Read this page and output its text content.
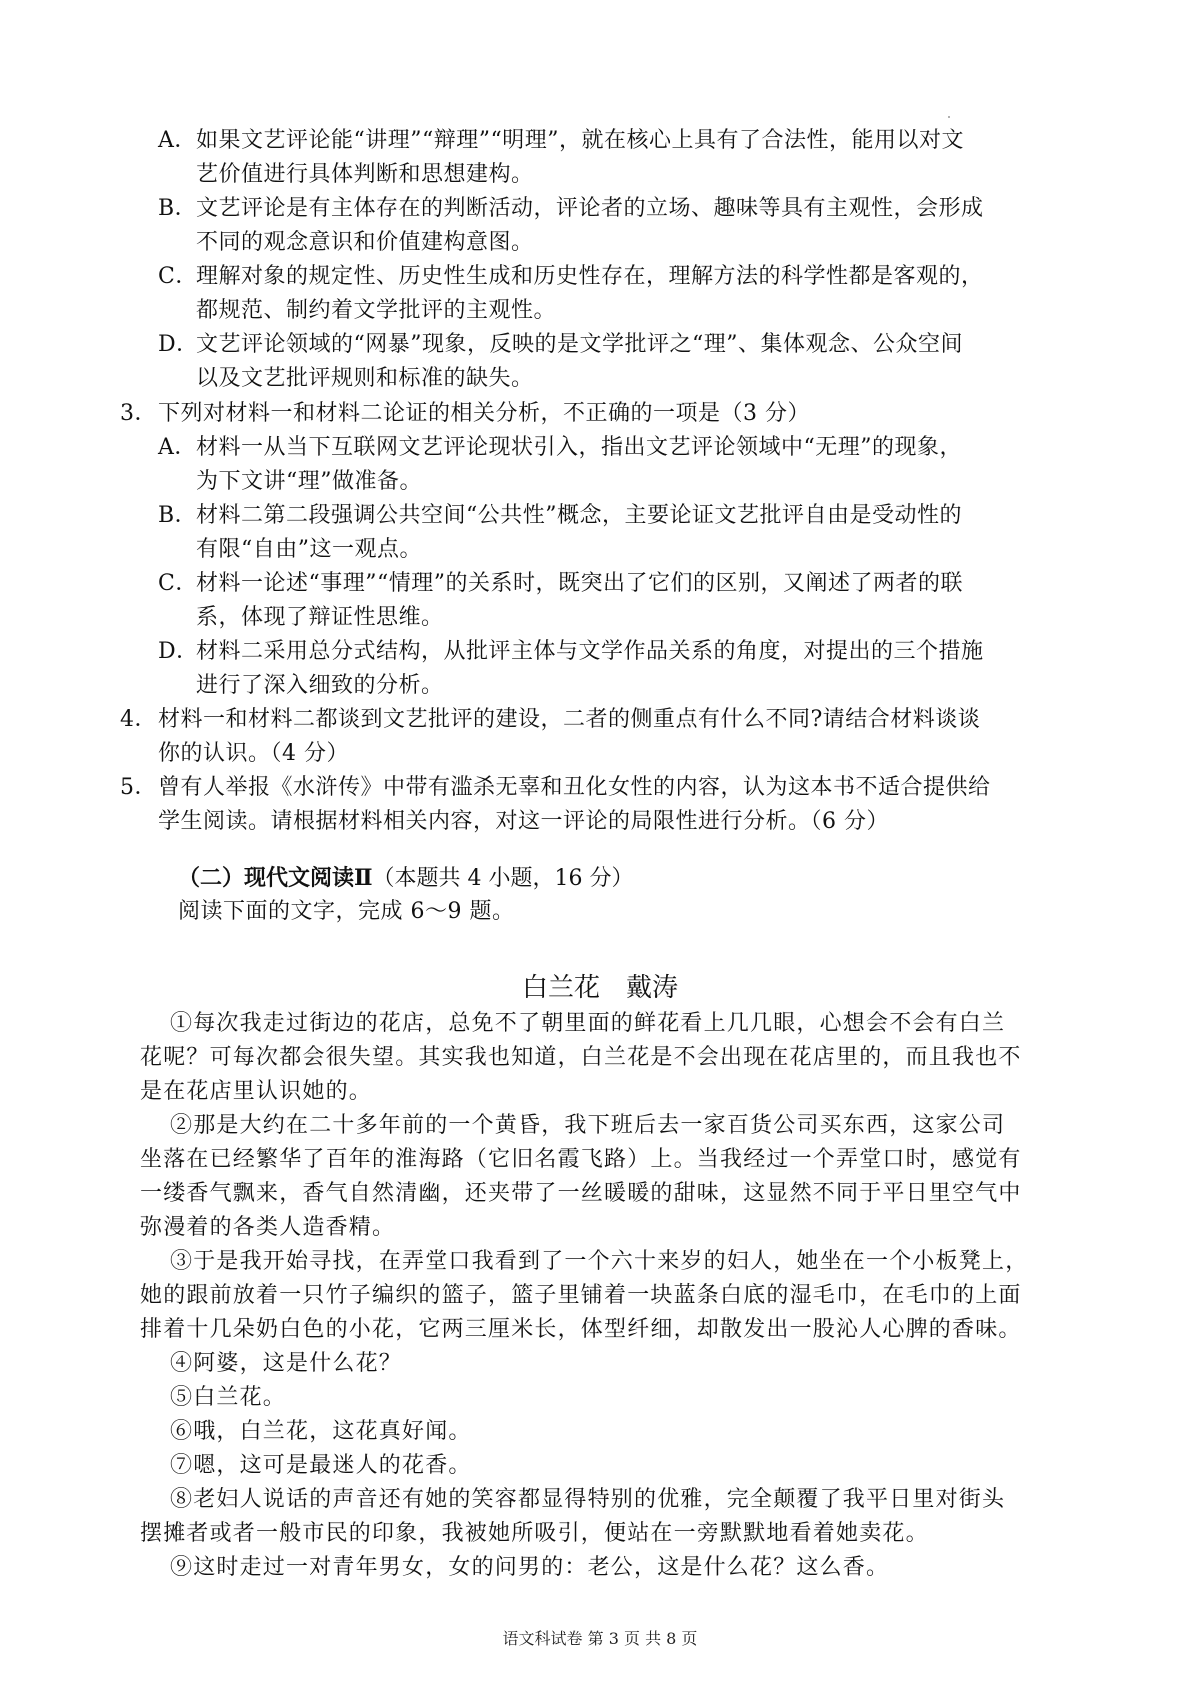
A．如果文艺评论能“讲理”“辩理”“明理”，就在核心上具有了合法性，能用以对文
艺价值进行具体判断和思想建构。
B．文艺评论是有主体存在的判断活动，评论者的立场、趣味等具有主观性，会形成
不同的观念意识和价值建构意图。
C．理解对象的规定性、历史性生成和历史性存在，理解方法的科学性都是客观的，
都规范、制约着文学批评的主观性。
D．文艺评论领域的“网暴”现象，反映的是文学批评之“理”、集体观念、公众空间
以及文艺批评规则和标准的缺失。
3．下列对材料一和材料二论证的相关分析，不正确的一项是（3 分）
A．材料一从当下互联网文艺评论现状引入，指出文艺评论领域中“无理”的现象，
为下文讲“理”做准备。
B．材料二第二段强调公共空间“公共性”概念，主要论证文艺批评自由是受动性的
有限“自由”这一观点。
C．材料一论述“事理”“情理”的关系时，既突出了它们的区别，又阐述了两者的联
系，体现了辩证性思维。
D．材料二采用总分式结构，从批评主体与文学作品关系的角度，对提出的三个措施
进行了深入细致的分析。
4．材料一和材料二都谈到文艺批评的建设，二者的侧重点有什么不同?请结合材料谈谈
你的认识。（4 分）
5．曾有人举报《水浒传》中带有滥杀无辜和丑化女性的内容，认为这本书不适合提供给
学生阅读。请根据材料相关内容，对这一评论的局限性进行分析。（6 分）
（二）现代文阅读Ⅱ（本题共 4 小题，16 分）
阅读下面的文字，完成 6～9 题。
白兰花 戴涛
①每次我走过街边的花店，总免不了朝里面的鲜花看上几几眼，心想会不会有白兰
花呢？可每次都会很失望。其实我也知道，白兰花是不会出现在花店里的，而且我也不
是在花店里认识她的。
②那是大约在二十多年前的一个黄昏，我下班后去一家百货公司买东西，这家公司
坐落在已经繁华了百年的淮海路（它旧名霞飞路）上。当我经过一个弄堂口时，感觉有
一缕香气飘来，香气自然清幽，还夹带了一丝暖暖的甜味，这显然不同于平日里空气中
弥漫着的各类人造香精。
③于是我开始寻找，在弄堂口我看到了一个六十来岁的妇人，她坐在一个小板凳上，
她的跟前放着一只竹子编织的篮子，篮子里铺着一块蓝条白底的湿毛巾，在毛巾的上面
排着十几朵奶白色的小花，它两三厘米长，体型纤细，却散发出一股沁人心脾的香味。
④阿婆，这是什么花？
⑤白兰花。
⑥哦，白兰花，这花真好闻。
⑦嗯，这可是最迷人的花香。
⑧老妇人说话的声音还有她的笑容都显得特别的优雅，完全颠覆了我平日里对街头
摆摊者或者一般市民的印象，我被她所吸引，便站在一旁默默地看着她卖花。
⑨这时走过一对青年男女，女的问男的：老公，这是什么花？这么香。
语文科试卷 第 3 页 共 8 页
